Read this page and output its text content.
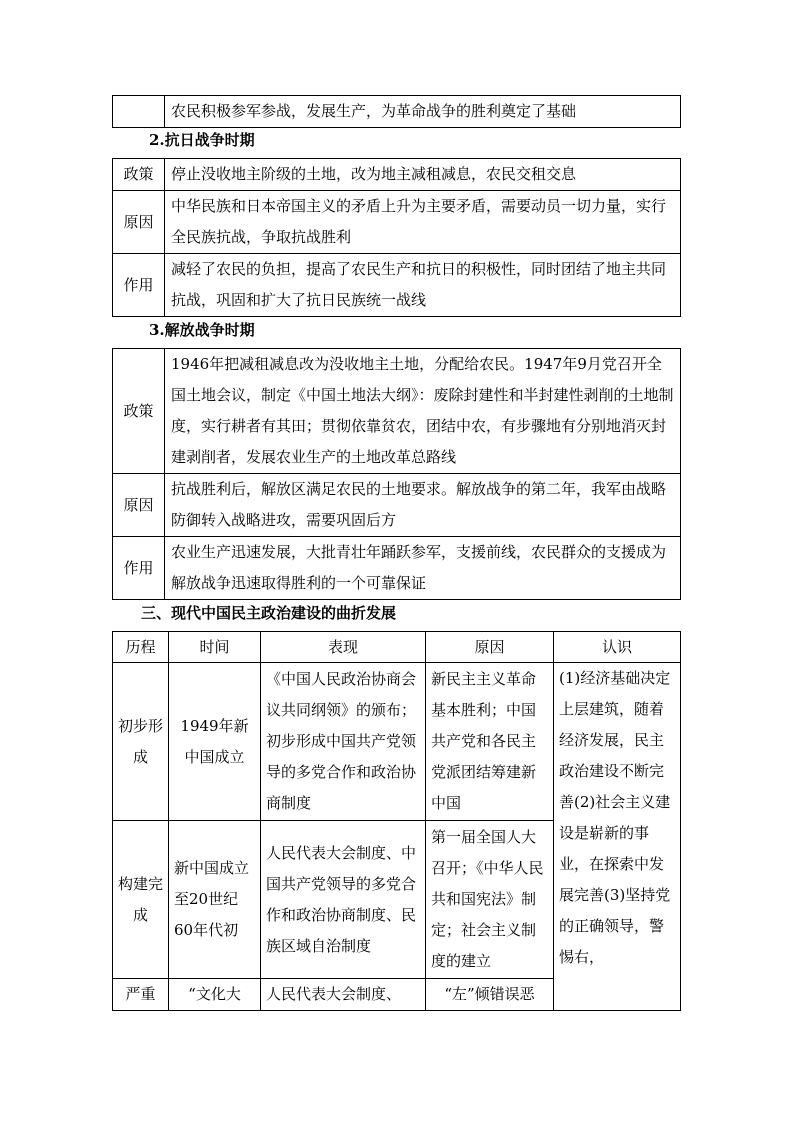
	农民积极参军参战，发展生产，为革命战争的胜利奠定了基础
2.抗日战争时期
政策	停止没收地主阶级的土地，改为地主减租减息，农民交租交息
原因	中华民族和日本帝国主义的矛盾上升为主要矛盾，需要动员一切力量，实行全民族抗战，争取抗战胜利
作用	减轻了农民的负担，提高了农民生产和抗日的积极性，同时团结了地主共同抗战，巩固和扩大了抗日民族统一战线
3.解放战争时期
政策	1946年把减租减息改为没收地主土地，分配给农民。1947年9月党召开全国土地会议，制定《中国土地法大纲》：废除封建性和半封建性剥削的土地制度，实行耕者有其田；贯彻依靠贫农，团结中农，有步骤地有分别地消灭封建剥削者，发展农业生产的土地改革总路线
原因	抗战胜利后，解放区满足农民的土地要求。解放战争的第二年，我军由战略防御转入战略进攻，需要巩固后方
作用	农业生产迅速发展，大批青壮年踊跃参军，支援前线，农民群众的支援成为解放战争迅速取得胜利的一个可靠保证
三、现代中国民主政治建设的曲折发展
历程	时间	表现	原因	认识
初步形成	1949年新中国成立	《中国人民政治协商会议共同纲领》的颁布；初步形成中国共产党领导的多党合作和政治协商制度	新民主主义革命基本胜利；中国共产党和各民主党派团结筹建新中国	(1)经济基础决定上层建筑，随着经济发展，民主政治建设不断完善(2)社会主义建设是崭新的事业，在探索中发展完善(3)坚持党的正确领导，警惕右，
构建完成	新中国成立至20世纪60年代初	人民代表大会制度、中国共产党领导的多党合作和政治协商制度、民族区域自治制度	第一届全国人大召开；《中华人民共和国宪法》制定；社会主义制度的建立	
严重	“文化大	人民代表大会制度、	“左”倾错误恶	
